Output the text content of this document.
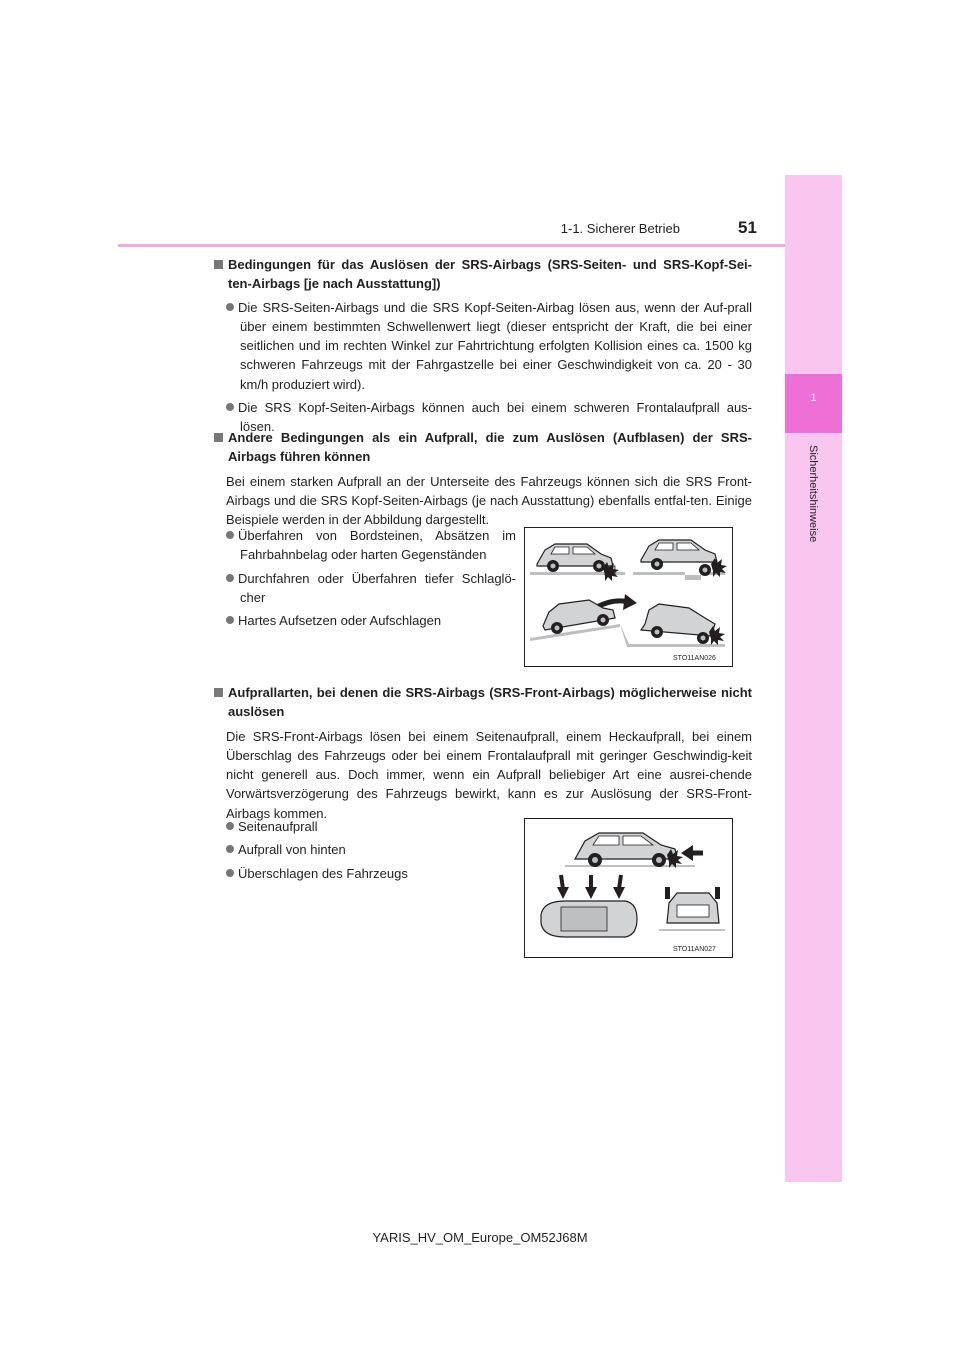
1
Sicherheitshinweise
1-1. Sicherer Betrieb	51
Bedingungen für das Auslösen der SRS-Airbags (SRS-Seiten- und SRS-Kopf-Sei-ten-Airbags [je nach Ausstattung])
Die SRS-Seiten-Airbags und die SRS Kopf-Seiten-Airbag lösen aus, wenn der Auf-prall über einem bestimmten Schwellenwert liegt (dieser entspricht der Kraft, die bei einer seitlichen und im rechten Winkel zur Fahrtrichtung erfolgten Kollision eines ca. 1500 kg schweren Fahrzeugs mit der Fahrgastzelle bei einer Geschwindigkeit von ca. 20 - 30 km/h produziert wird).
Die SRS Kopf-Seiten-Airbags können auch bei einem schweren Frontalaufprall aus-lösen.
Andere Bedingungen als ein Aufprall, die zum Auslösen (Aufblasen) der SRS-Airbags führen können
Bei einem starken Aufprall an der Unterseite des Fahrzeugs können sich die SRS Front-Airbags und die SRS Kopf-Seiten-Airbags (je nach Ausstattung) ebenfalls entfal-ten. Einige Beispiele werden in der Abbildung dargestellt.
Überfahren von Bordsteinen, Absätzen im Fahrbahnbelag oder harten Gegenständen
Durchfahren oder Überfahren tiefer Schlaglö-cher
Hartes Aufsetzen oder Aufschlagen
STO11AN026
Aufprallarten, bei denen die SRS-Airbags (SRS-Front-Airbags) möglicherweise nicht auslösen
Die SRS-Front-Airbags lösen bei einem Seitenaufprall, einem Heckaufprall, bei einem Überschlag des Fahrzeugs oder bei einem Frontalaufprall mit geringer Geschwindig-keit nicht generell aus. Doch immer, wenn ein Aufprall beliebiger Art eine ausrei-chende Vorwärtsverzögerung des Fahrzeugs bewirkt, kann es zur Auslösung der SRS-Front-Airbags kommen.
Seitenaufprall
Aufprall von hinten
Überschlagen des Fahrzeugs
STO11AN027
YARIS_HV_OM_Europe_OM52J68M
